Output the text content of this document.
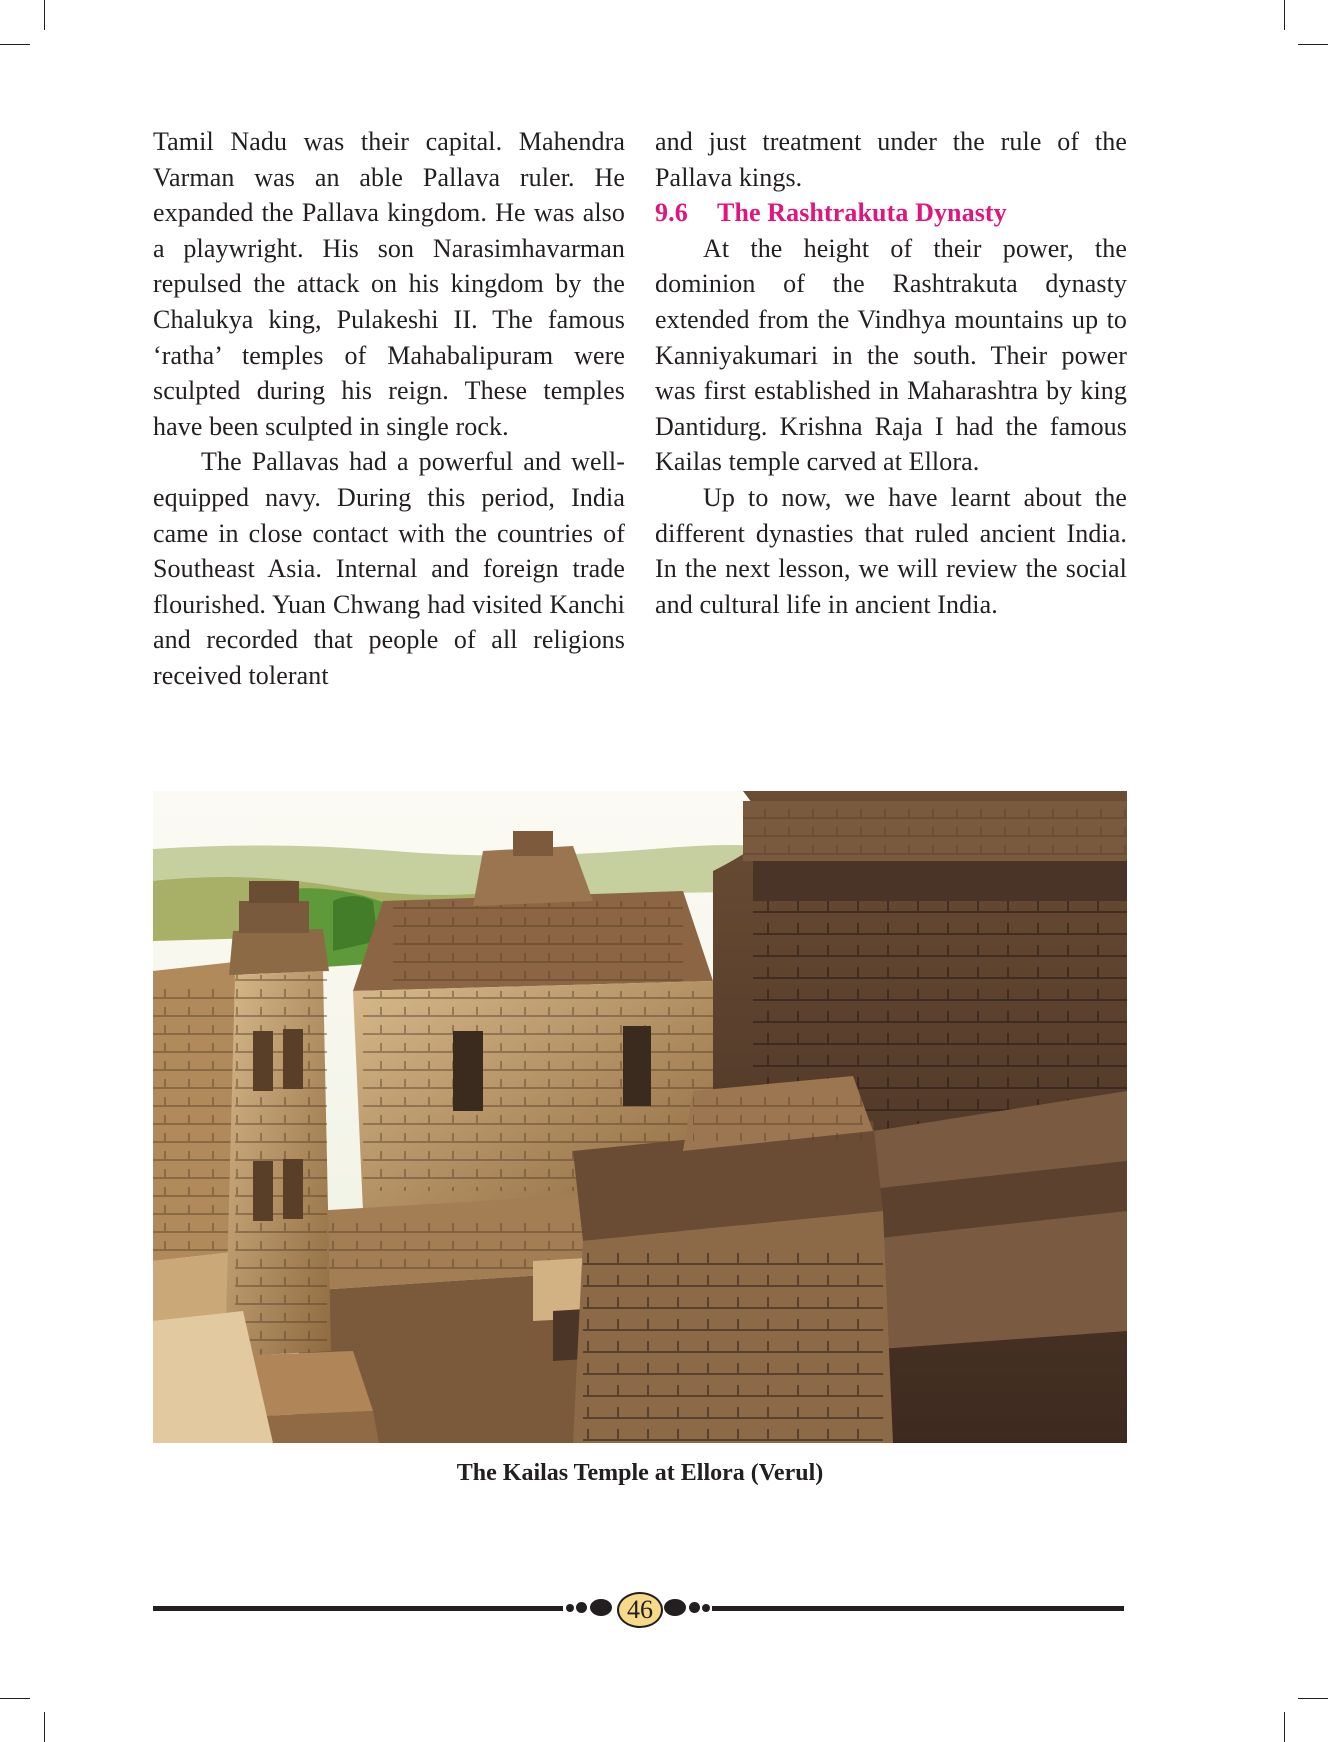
Tamil Nadu was their capital. Mahendra Varman was an able Pallava ruler. He expanded the Pallava kingdom. He was also a playwright. His son Narasimhavarman repulsed the attack on his kingdom by the Chalukya king, Pulakeshi II. The famous ‘ratha’ temples of Mahabalipuram were sculpted during his reign. These temples have been sculpted in single rock.

The Pallavas had a powerful and well-equipped navy. During this period, India came in close contact with the countries of Southeast Asia. Internal and foreign trade flourished. Yuan Chwang had visited Kanchi and recorded that people of all religions received tolerant

and just treatment under the rule of the Pallava kings.

9.6 The Rashtrakuta Dynasty

At the height of their power, the dominion of the Rashtrakuta dynasty extended from the Vindhya mountains up to Kanniyakumari in the south. Their power was first established in Maharashtra by king Dantidurg. Krishna Raja I had the famous Kailas temple carved at Ellora.

Up to now, we have learnt about the different dynasties that ruled ancient India. In the next lesson, we will review the social and cultural life in ancient India.

The Kailas Temple at Ellora (Verul)
46
